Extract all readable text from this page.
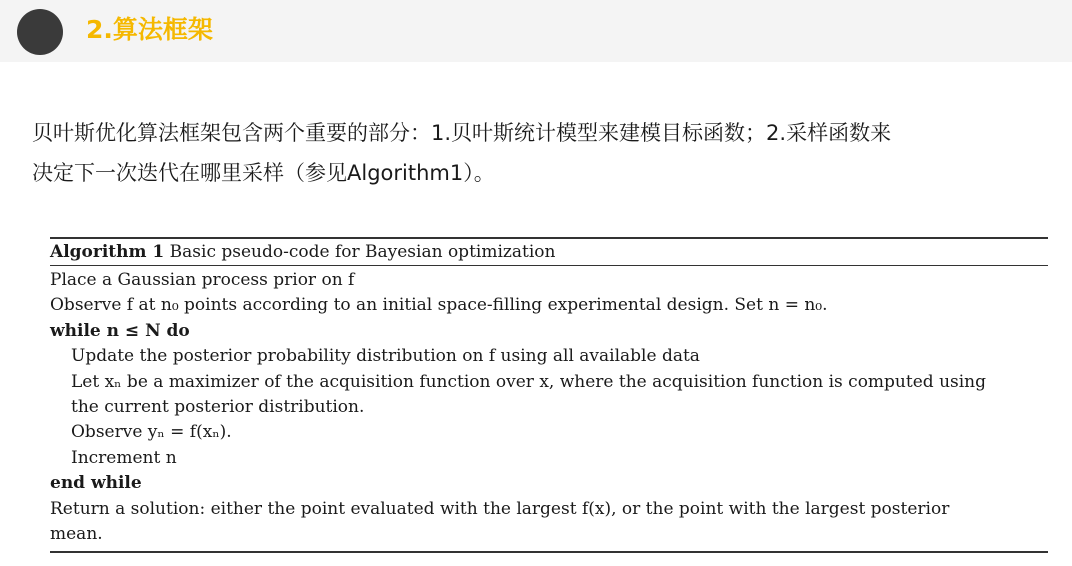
2.算法框架
贝叶斯优化算法框架包含两个重要的部分：1.贝叶斯统计模型来建模目标函数；2.采样函数来
决定下一次迭代在哪里采样（参见Algorithm1）。
Algorithm 1 Basic pseudo-code for Bayesian optimization
Place a Gaussian process prior on f
Observe f at n₀ points according to an initial space-filling experimental design. Set n = n₀.
while n ≤ N do
Update the posterior probability distribution on f using all available data
Let xₙ be a maximizer of the acquisition function over x, where the acquisition function is computed using
the current posterior distribution.
Observe yₙ = f(xₙ).
Increment n
end while
Return a solution: either the point evaluated with the largest f(x), or the point with the largest posterior
mean.
